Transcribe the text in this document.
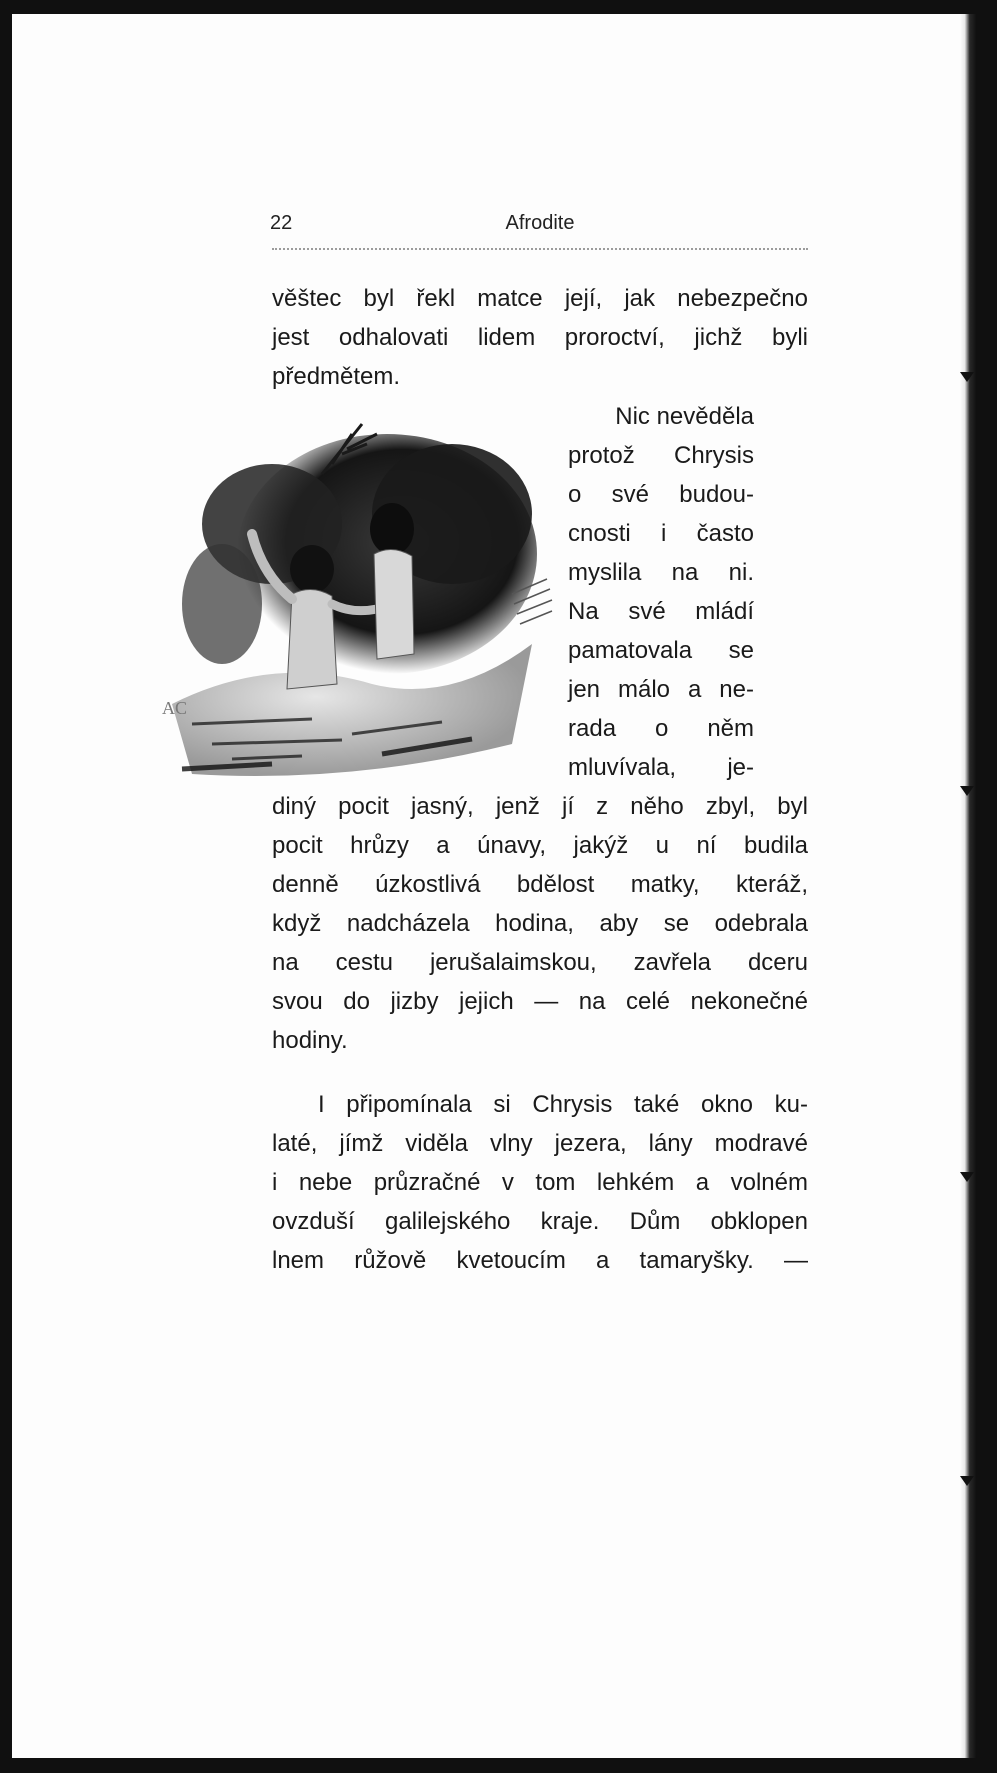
22	Afrodite
věštec byl řekl matce její, jak nebezpečno
jest odhalovati lidem proroctví, jichž byli
předmětem.
Nic nevěděla
protož Chrysis
o své budou-
cnosti i často
myslila na ni.
Na své mládí
pamatovala se
jen málo a ne-
rada o něm
mluvívala, je-
diný pocit jasný, jenž jí z něho zbyl, byl
pocit hrůzy a únavy, jakýž u ní budila
denně úzkostlivá bdělost matky, kteráž,
když nadcházela hodina, aby se odebrala
na cestu jerušalaimskou, zavřela dceru
svou do jizby jejich — na celé nekonečné
hodiny.
I připomínala si Chrysis také okno ku-
laté, jímž viděla vlny jezera, lány modravé
i nebe průzračné v tom lehkém a volném
ovzduší galilejského kraje. Dům obklopen
lnem růžově kvetoucím a tamaryšky. —
AC
